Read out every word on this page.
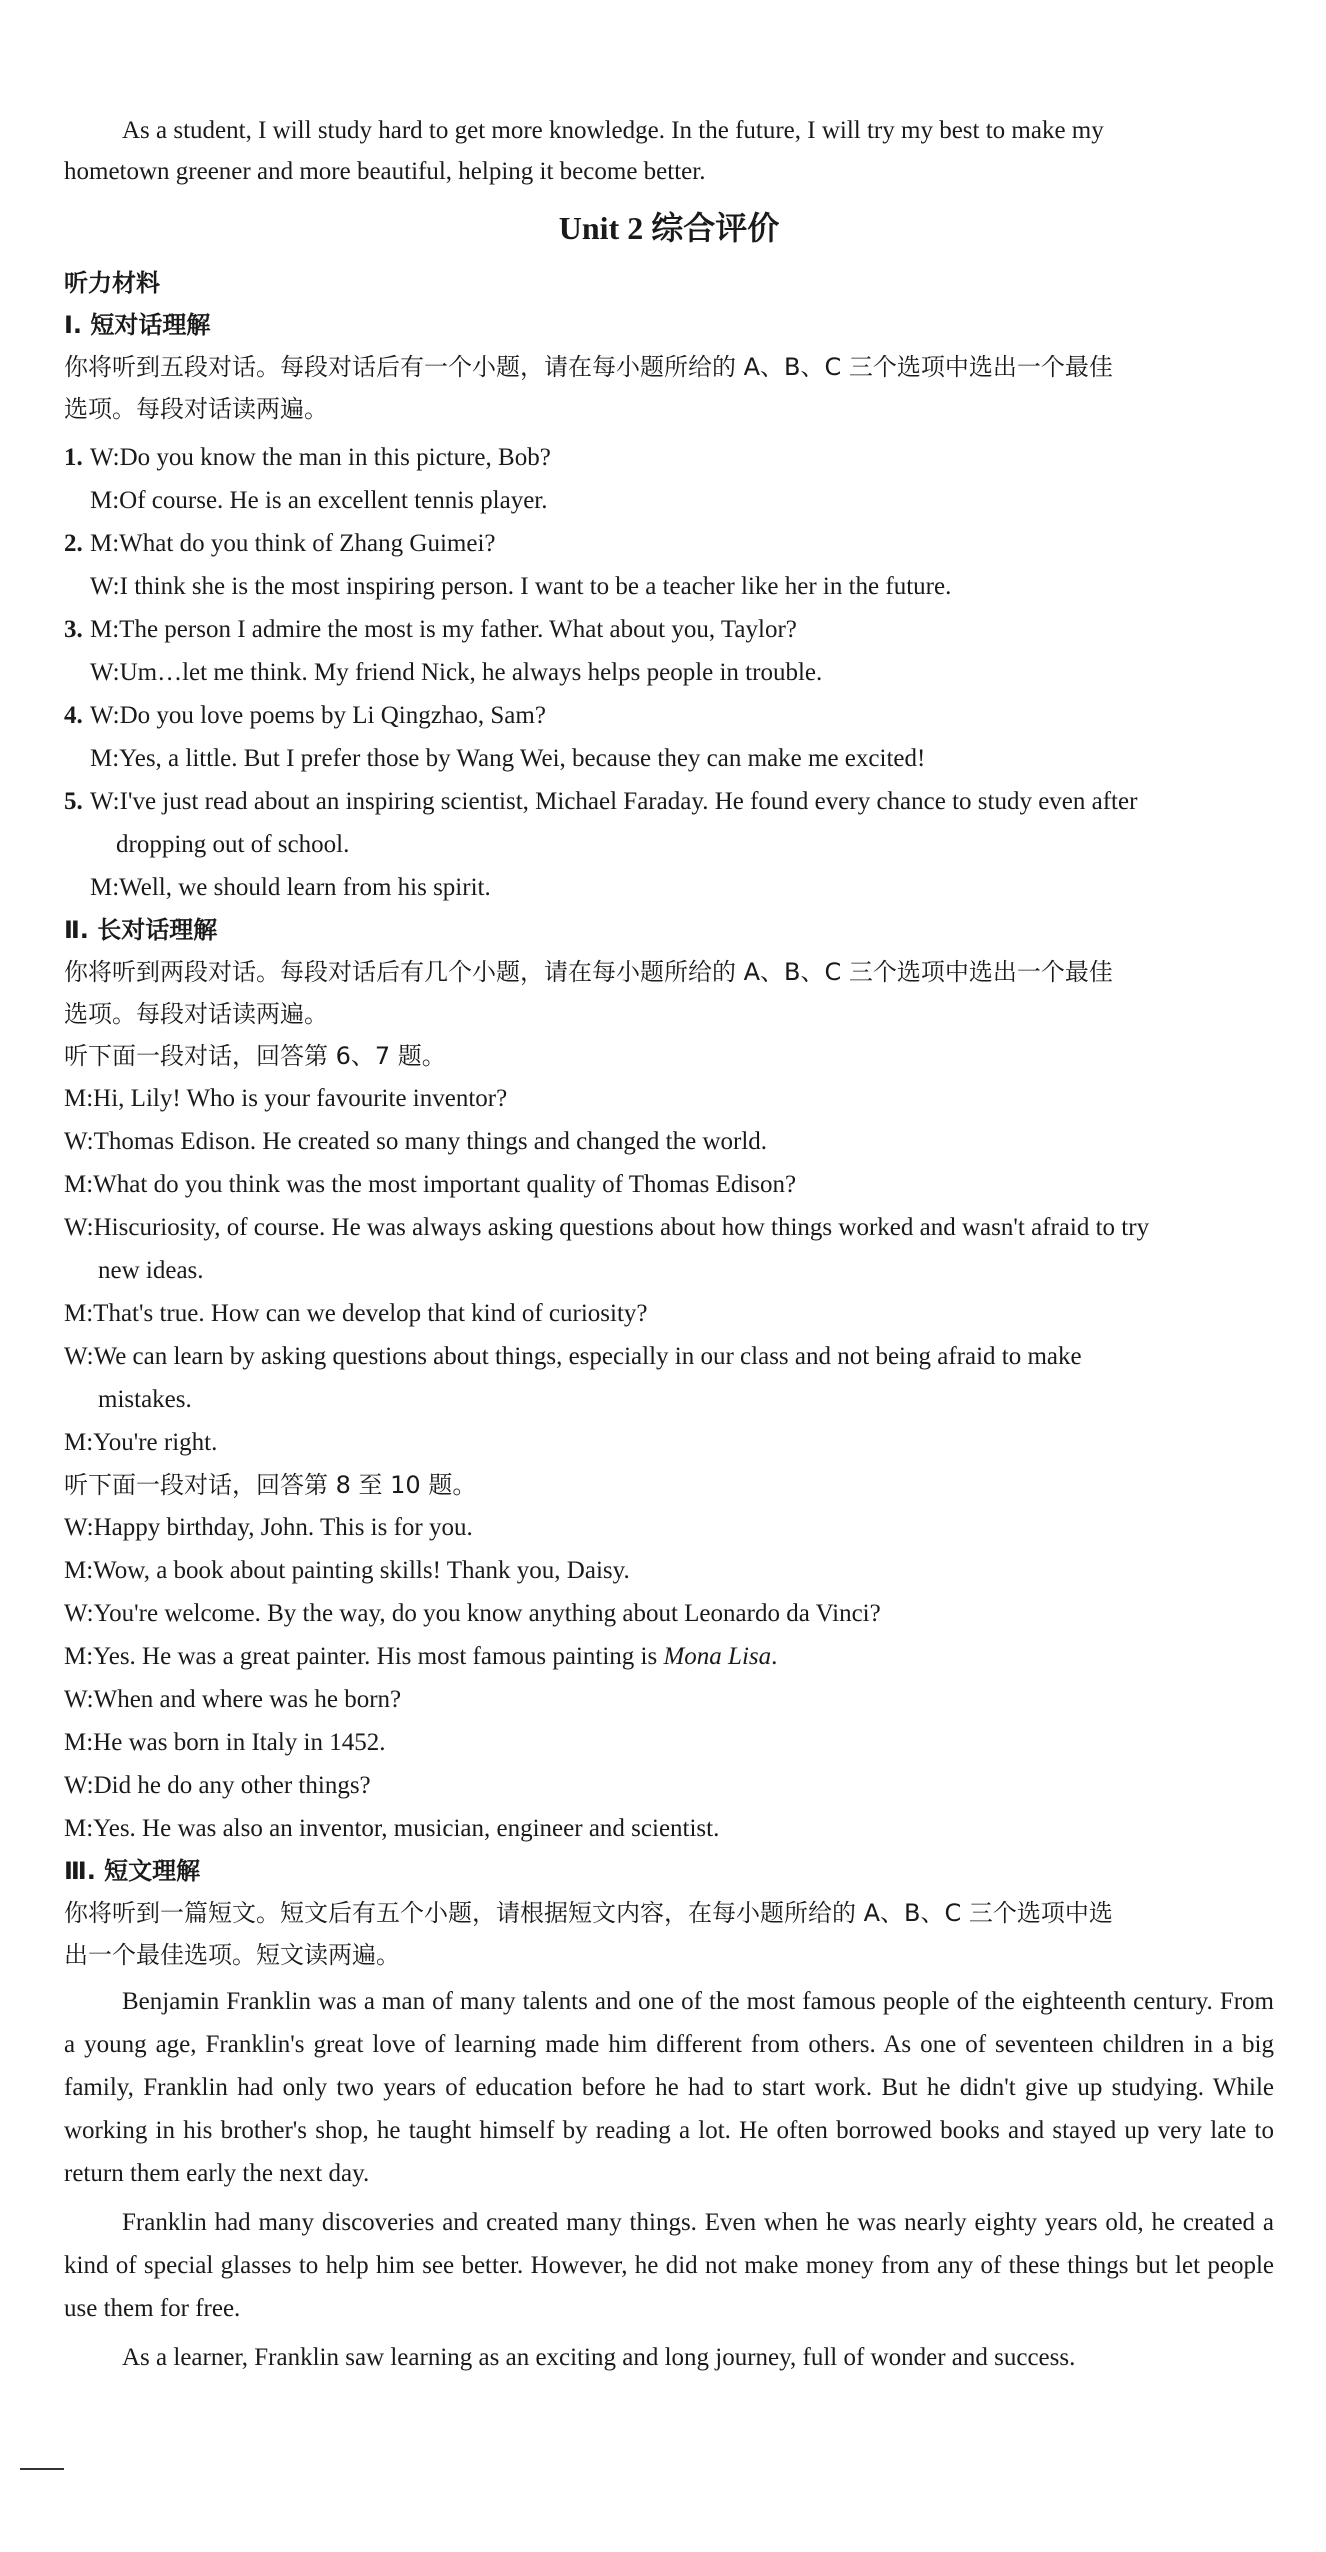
As a student, I will study hard to get more knowledge. In the future, I will try my best to make my

hometown greener and more beautiful, helping it become better.

Unit 2 综合评价
听力材料
Ⅰ. 短对话理解
你将听到五段对话。每段对话后有一个小题，请在每小题所给的 A、B、C 三个选项中选出一个最佳
选项。每段对话读两遍。
1. W:Do you know the man in this picture, Bob?
M:Of course. He is an excellent tennis player.
2. M:What do you think of Zhang Guimei?
W:I think she is the most inspiring person. I want to be a teacher like her in the future.
3. M:The person I admire the most is my father. What about you, Taylor?
W:Um…let me think. My friend Nick, he always helps people in trouble.
4. W:Do you love poems by Li Qingzhao, Sam?
M:Yes, a little. But I prefer those by Wang Wei, because they can make me excited!
5. W:I've just read about an inspiring scientist, Michael Faraday. He found every chance to study even after
dropping out of school.
M:Well, we should learn from his spirit.
Ⅱ. 长对话理解
你将听到两段对话。每段对话后有几个小题，请在每小题所给的 A、B、C 三个选项中选出一个最佳
选项。每段对话读两遍。
听下面一段对话，回答第 6、7 题。
M:Hi, Lily! Who is your favourite inventor?
W:Thomas Edison. He created so many things and changed the world.
M:What do you think was the most important quality of Thomas Edison?
W:Hiscuriosity, of course. He was always asking questions about how things worked and wasn't afraid to try
new ideas.
M:That's true. How can we develop that kind of curiosity?
W:We can learn by asking questions about things, especially in our class and not being afraid to make
mistakes.
M:You're right.
听下面一段对话，回答第 8 至 10 题。
W:Happy birthday, John. This is for you.
M:Wow, a book about painting skills! Thank you, Daisy.
W:You're welcome. By the way, do you know anything about Leonardo da Vinci?
M:Yes. He was a great painter. His most famous painting is Mona Lisa.
W:When and where was he born?
M:He was born in Italy in 1452.
W:Did he do any other things?
M:Yes. He was also an inventor, musician, engineer and scientist.
Ⅲ. 短文理解
你将听到一篇短文。短文后有五个小题，请根据短文内容，在每小题所给的 A、B、C 三个选项中选
出一个最佳选项。短文读两遍。

Benjamin Franklin was a man of many talents and one of the most famous people of the eighteenth century. From a young age, Franklin's great love of learning made him different from others. As one of seventeen children in a big family, Franklin had only two years of education before he had to start work. But he didn't give up studying. While working in his brother's shop, he taught himself by reading a lot. He often borrowed books and stayed up very late to return them early the next day.

Franklin had many discoveries and created many things. Even when he was nearly eighty years old, he created a kind of special glasses to help him see better. However, he did not make money from any of these things but let people use them for free.

As a learner, Franklin saw learning as an exciting and long journey, full of wonder and success.
